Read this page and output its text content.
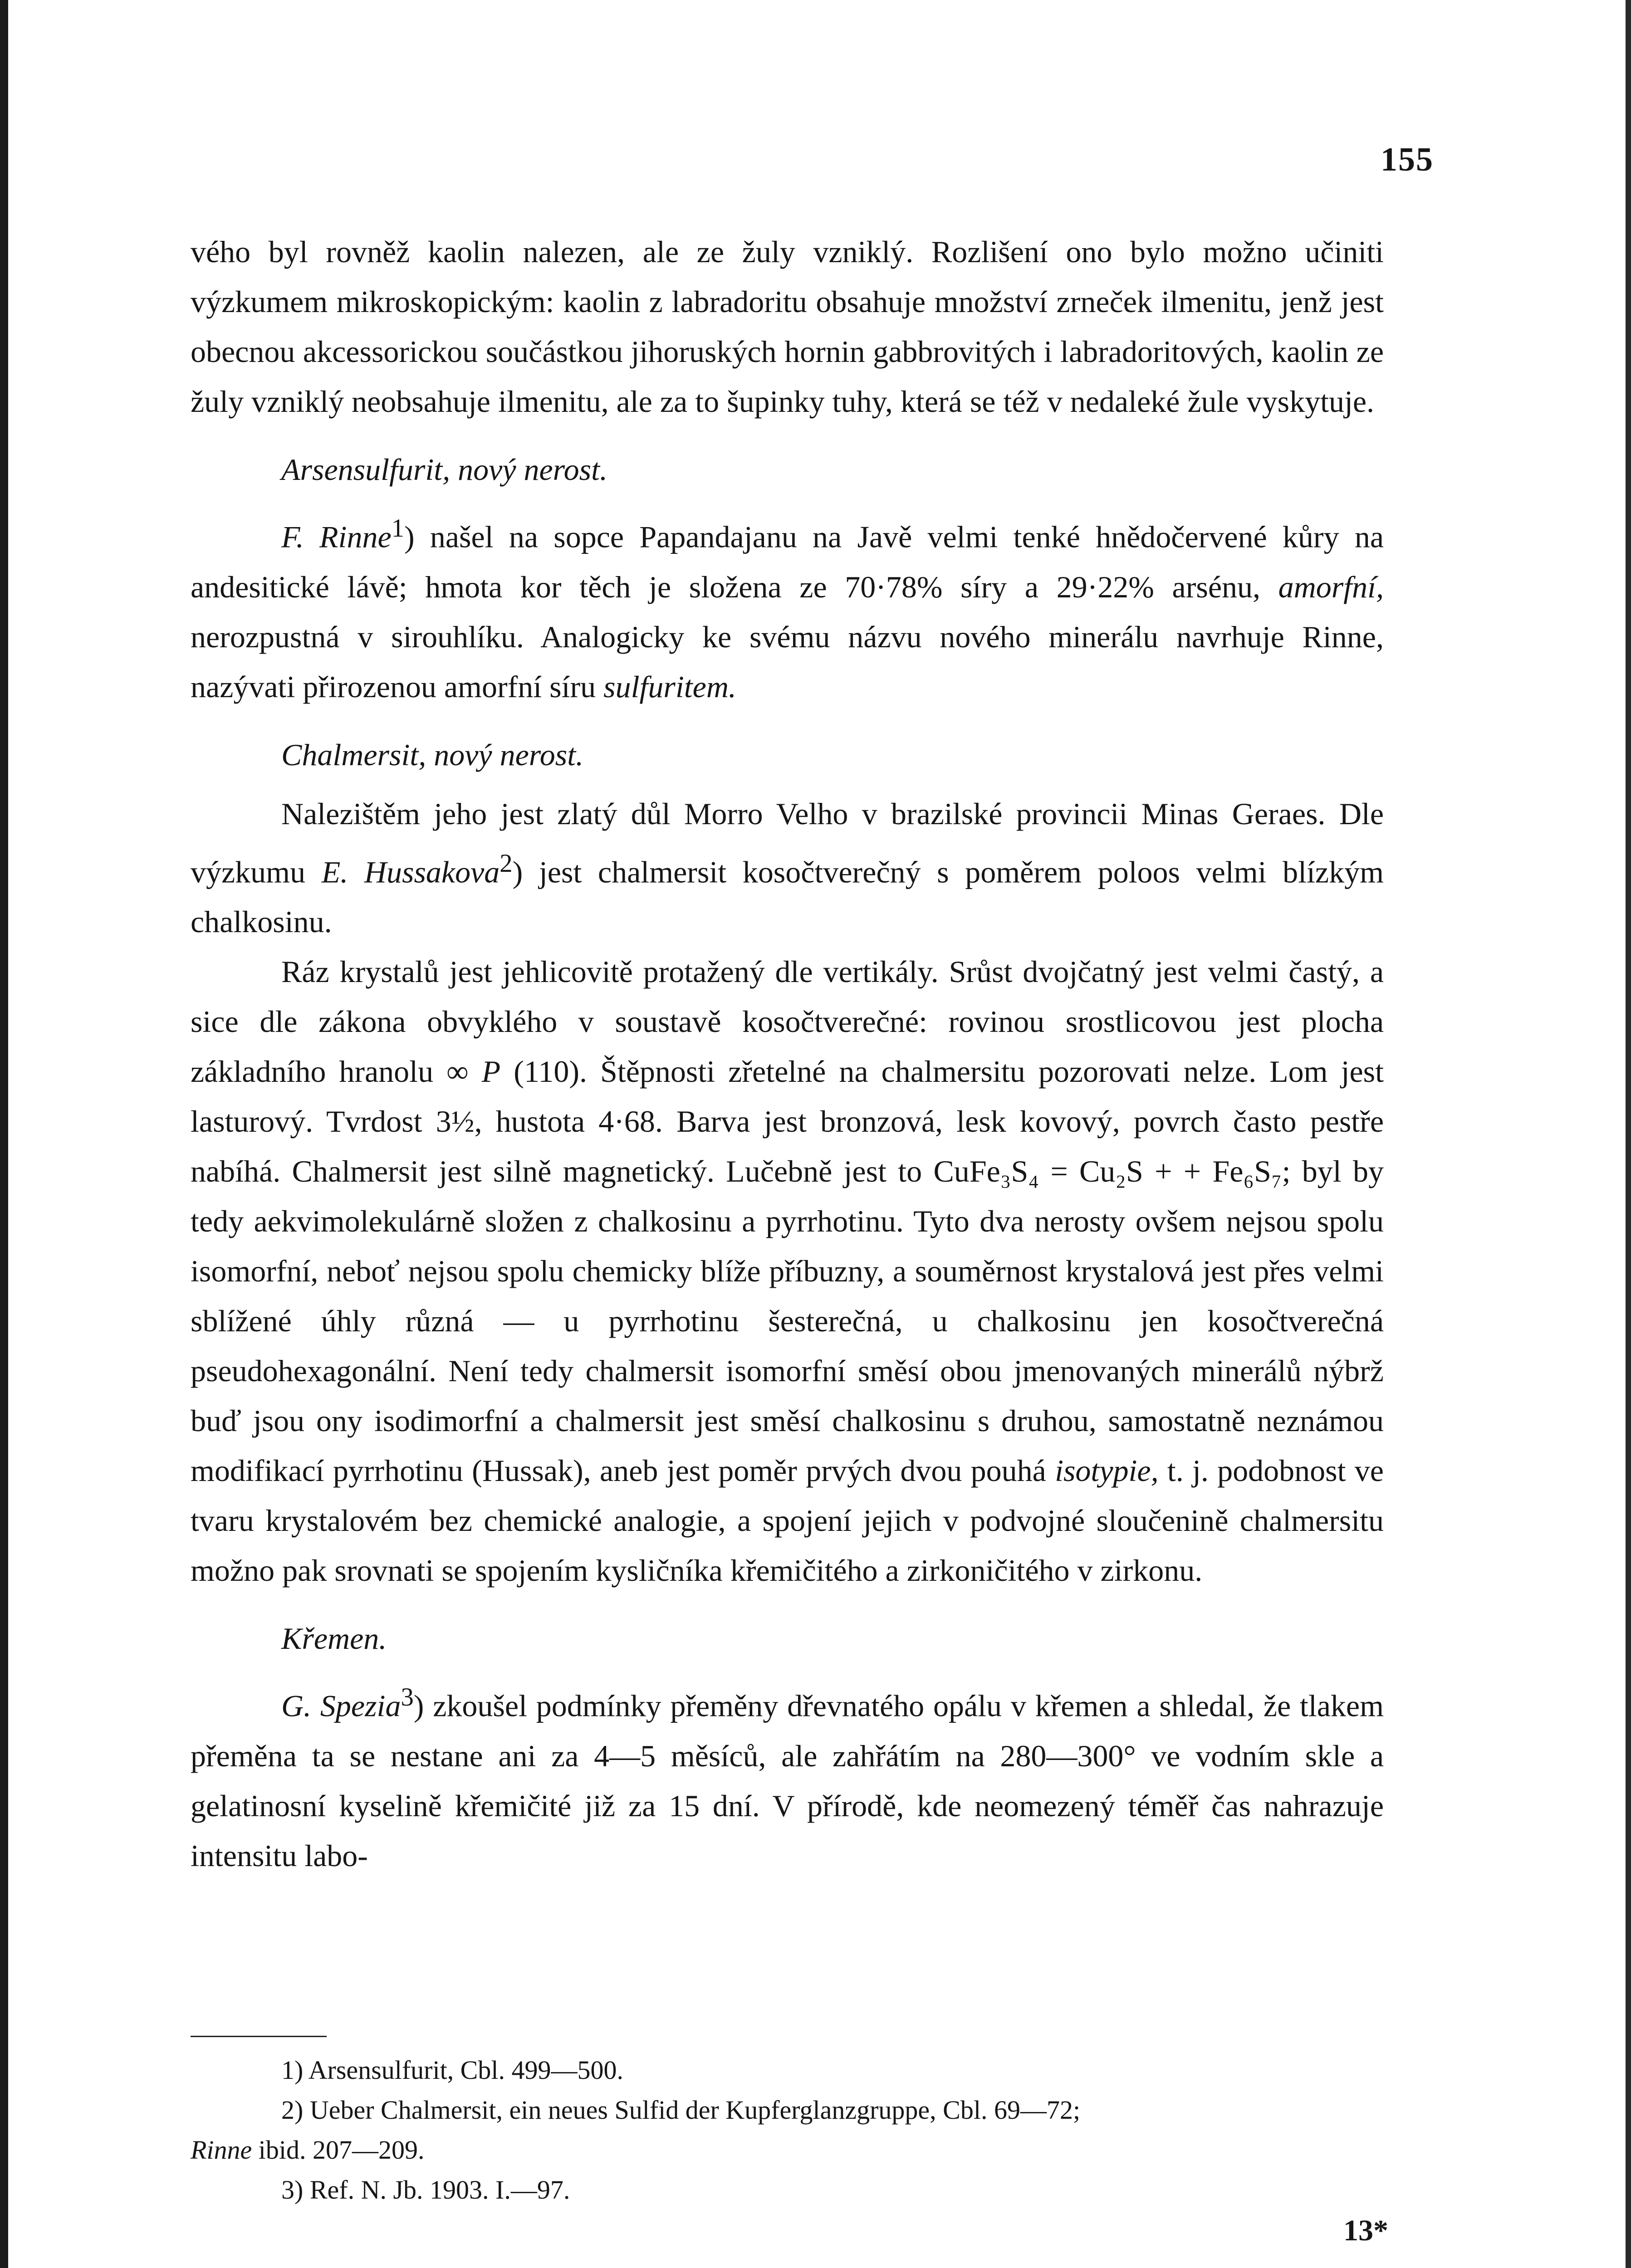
155

vého byl rovněž kaolin nalezen, ale ze žuly vzniklý. Rozlišení ono bylo možno učiniti výzkumem mikroskopickým: kaolin z labradoritu obsahuje množství zrneček ilmenitu, jenž jest obecnou akcessorickou součástkou jihoruských hornin gabbrovitých i labradoritových, kaolin ze žuly vzniklý neobsahuje ilmenitu, ale za to šupinky tuhy, která se též v nedaleké žule vyskytuje.

Arsensulfurit, nový nerost.

F. Rinne$^1$) našel na sopce Papandajanu na Javě velmi tenké hnědočervené kůry na andesitické lávě; hmota kor těch je složena ze 70·78% síry a 29·22% arsénu, amorfní, nerozpustná v sirouhlíku. Analogicky ke svému názvu nového minerálu navrhuje Rinne, nazývati přirozenou amorfní síru sulfuritem.

Chalmersit, nový nerost.

Nalezištěm jeho jest zlatý důl Morro Velho v brazilské provincii Minas Geraes. Dle výzkumu E. Hussakova$^2$) jest chalmersit kosočtverečný s poměrem poloos velmi blízkým chalkosinu.

Ráz krystalů jest jehlicovitě protažený dle vertikály. Srůst dvojčatný jest velmi častý, a sice dle zákona obvyklého v soustavě kosočtverečné: rovinou srostlicovou jest plocha základního hranolu ∞ P (110). Štěpnosti zřetelné na chalmersitu pozorovati nelze. Lom jest lasturový. Tvrdost 3½, hustota 4·68. Barva jest bronzová, lesk kovový, povrch často pestře nabíhá. Chalmersit jest silně magnetický. Lučebně jest to CuFe₃S₄ = Cu₂S + + Fe₆S₇; byl by tedy aekvimolekulárně složen z chalkosinu a pyrrhotinu. Tyto dva nerosty ovšem nejsou spolu isomorfní, neboť nejsou spolu chemicky blíže příbuzny, a souměrnost krystalová jest přes velmi sblížené úhly různá — u pyrrhotinu šesterečná, u chalkosinu jen kosočtverečná pseudohexagonální. Není tedy chalmersit isomorfní směsí obou jmenovaných minerálů nýbrž buď jsou ony isodimorfní a chalmersit jest směsí chalkosinu s druhou, samostatně neznámou modifikací pyrrhotinu (Hussak), aneb jest poměr prvých dvou pouhá isotypie, t. j. podobnost ve tvaru krystalovém bez chemické analogie, a spojení jejich v podvojné sloučenině chalmersitu možno pak srovnati se spojením kysličníka křemičitého a zirkoničitého v zirkonu.

Křemen.

G. Spezia$^3$) zkoušel podmínky přeměny dřevnatého opálu v křemen a shledal, že tlakem přeměna ta se nestane ani za 4—5 měsíců, ale zahřátím na 280—300° ve vodním skle a gelatinosní kyselině křemičité již za 15 dní. V přírodě, kde neomezený téměř čas nahrazuje intensitu labo-

1) Arsensulfurit, Cbl. 499—500.

2) Ueber Chalmersit, ein neues Sulfid der Kupferglanzgruppe, Cbl. 69—72;

Rinne ibid. 207—209.

3) Ref. N. Jb. 1903. I.—97.

13*
